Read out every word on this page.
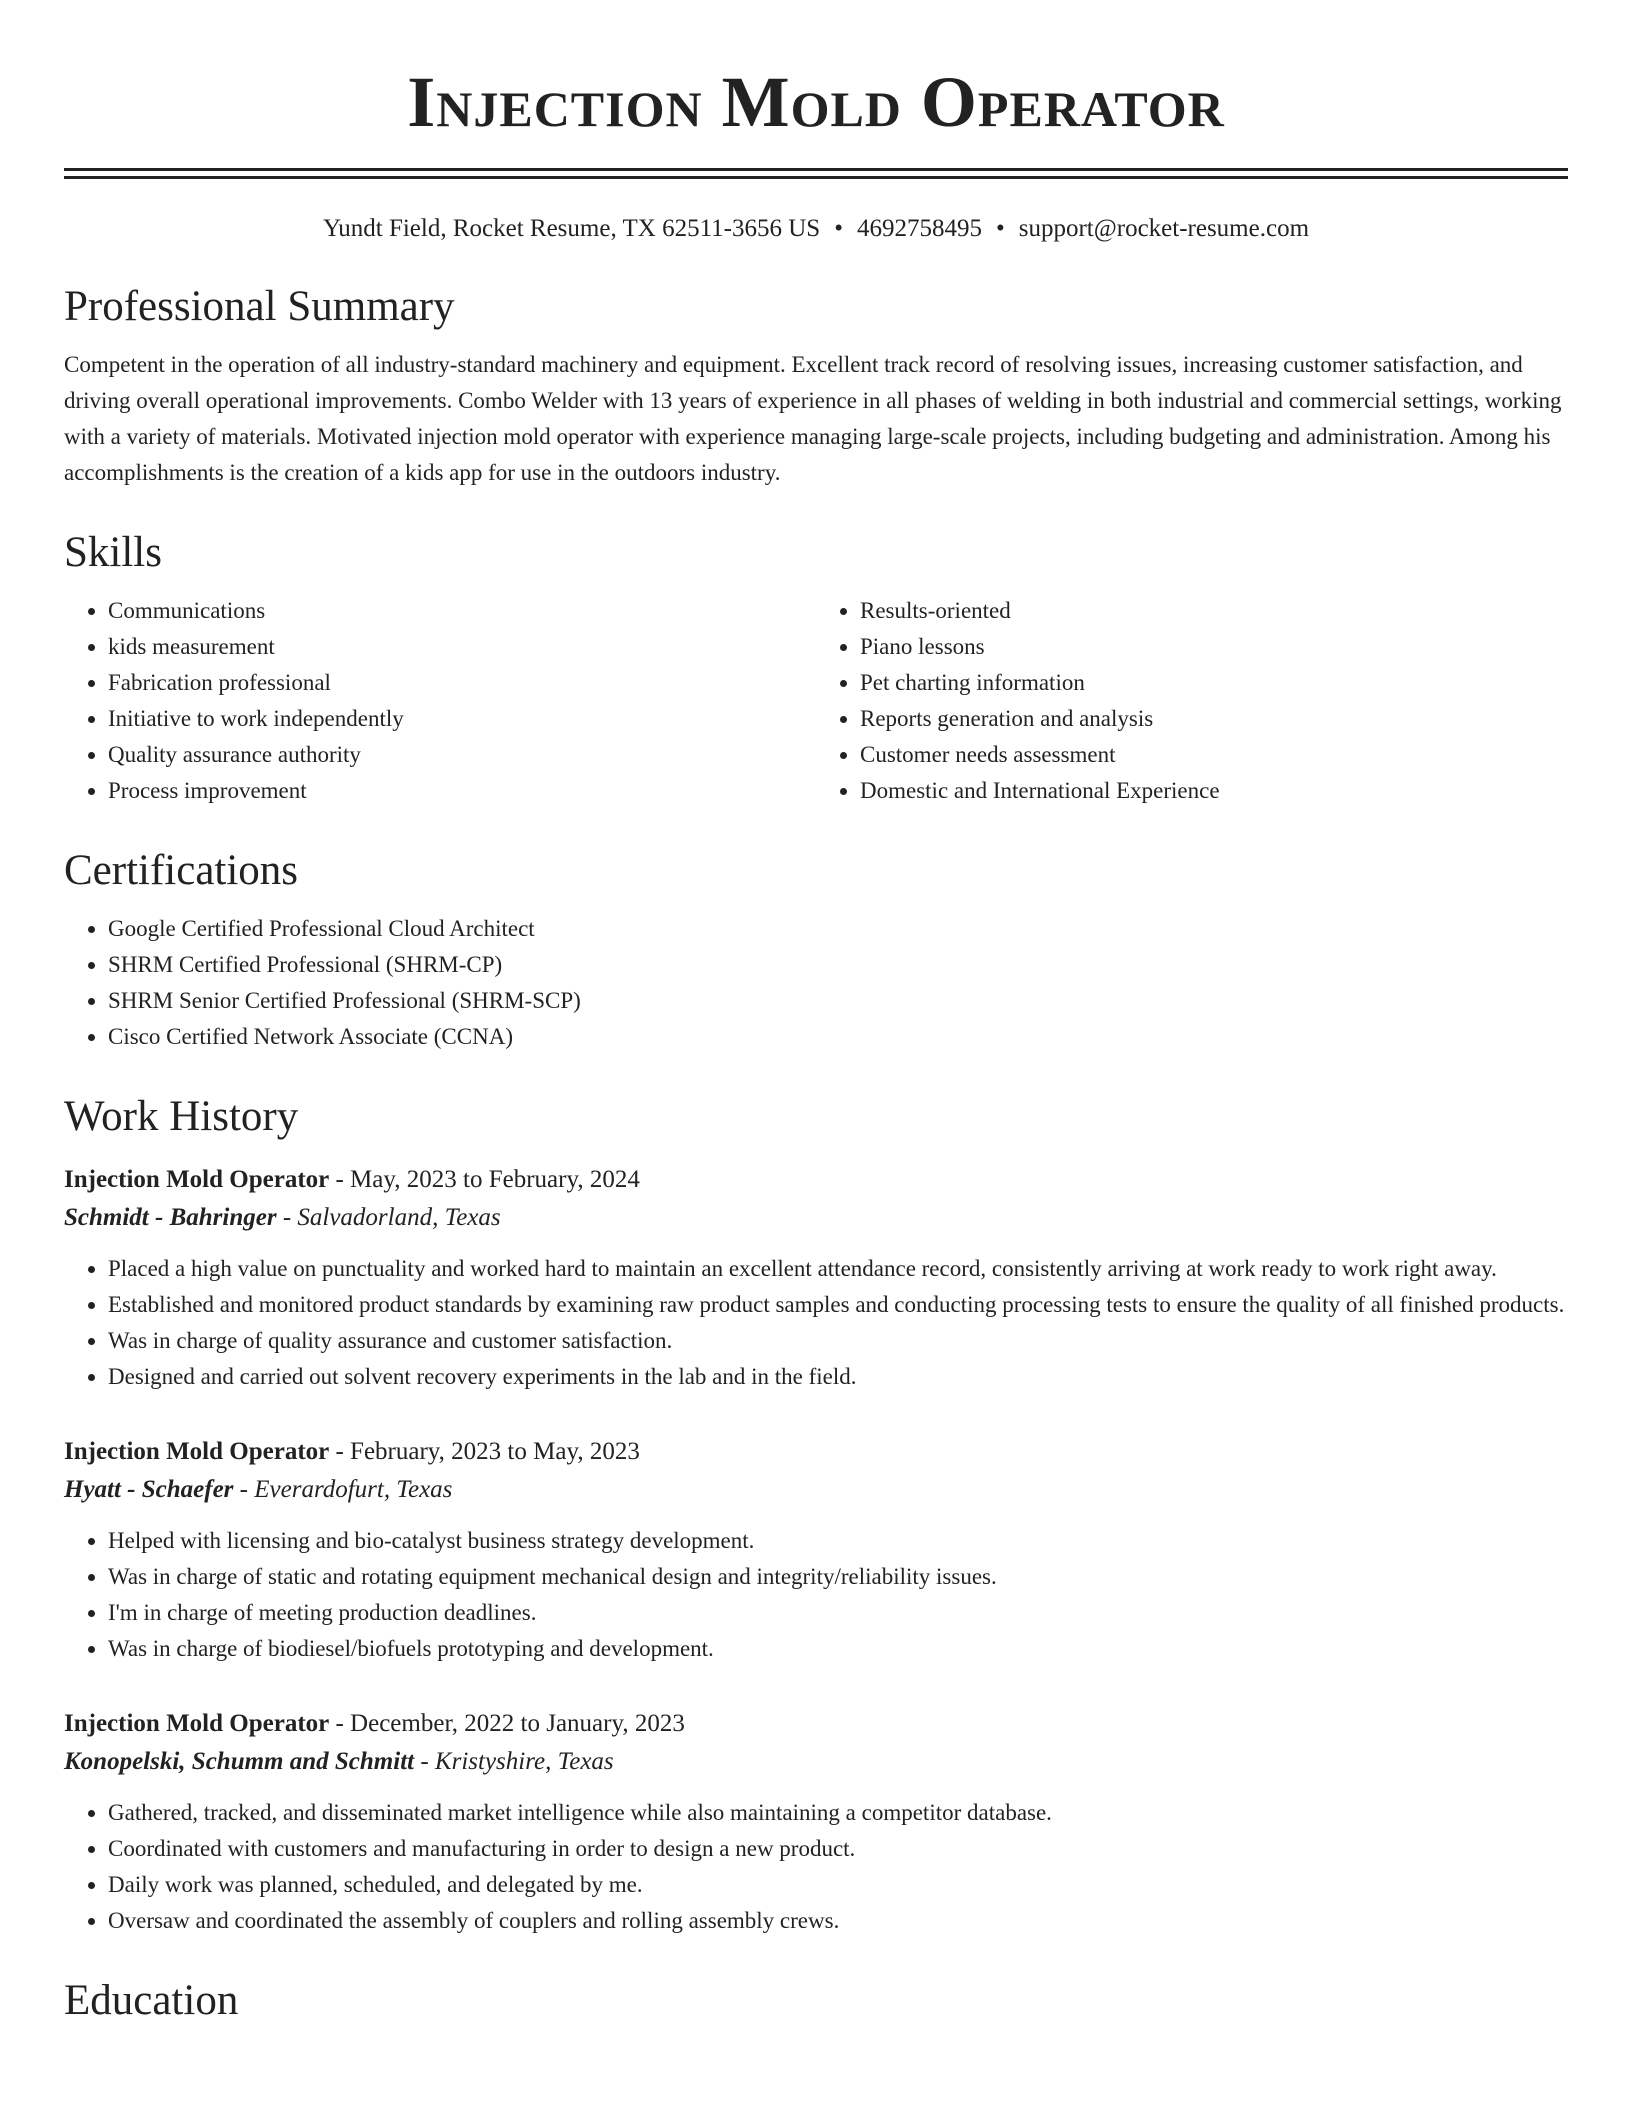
Injection Mold Operator
Yundt Field, Rocket Resume, TX 62511-3656 US • 4692758495 • support@rocket-resume.com
Professional Summary

Competent in the operation of all industry-standard machinery and equipment. Excellent track record of resolving issues, increasing customer satisfaction, and driving overall operational improvements. Combo Welder with 13 years of experience in all phases of welding in both industrial and commercial settings, working with a variety of materials. Motivated injection mold operator with experience managing large-scale projects, including budgeting and administration. Among his accomplishments is the creation of a kids app for use in the outdoors industry.

Skills
• Communications
• kids measurement
• Fabrication professional
• Initiative to work independently
• Quality assurance authority
• Process improvement
• Results-oriented
• Piano lessons
• Pet charting information
• Reports generation and analysis
• Customer needs assessment
• Domestic and International Experience
Certifications
• Google Certified Professional Cloud Architect
• SHRM Certified Professional (SHRM-CP)
• SHRM Senior Certified Professional (SHRM-SCP)
• Cisco Certified Network Associate (CCNA)
Work History
Injection Mold Operator - May, 2023 to February, 2024
Schmidt - Bahringer - Salvadorland, Texas
• Placed a high value on punctuality and worked hard to maintain an excellent attendance record, consistently arriving at work ready to work right away.
• Established and monitored product standards by examining raw product samples and conducting processing tests to ensure the quality of all finished products.
• Was in charge of quality assurance and customer satisfaction.
• Designed and carried out solvent recovery experiments in the lab and in the field.
Injection Mold Operator - February, 2023 to May, 2023
Hyatt - Schaefer - Everardofurt, Texas
• Helped with licensing and bio-catalyst business strategy development.
• Was in charge of static and rotating equipment mechanical design and integrity/reliability issues.
• I'm in charge of meeting production deadlines.
• Was in charge of biodiesel/biofuels prototyping and development.
Injection Mold Operator - December, 2022 to January, 2023
Konopelski, Schumm and Schmitt - Kristyshire, Texas
• Gathered, tracked, and disseminated market intelligence while also maintaining a competitor database.
• Coordinated with customers and manufacturing in order to design a new product.
• Daily work was planned, scheduled, and delegated by me.
• Oversaw and coordinated the assembly of couplers and rolling assembly crews.
Education
